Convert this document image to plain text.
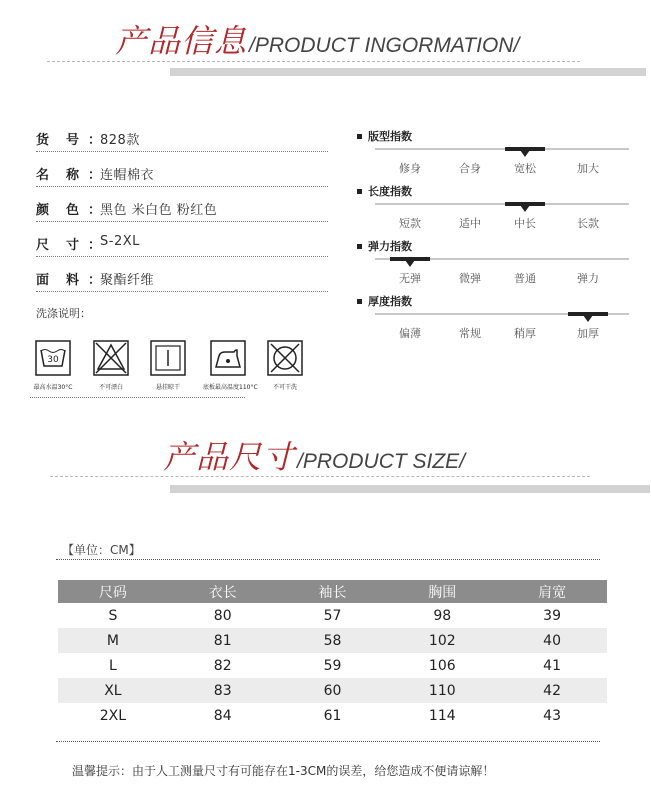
产品信息/PRODUCT INGORMATION/
货　号 ：
828款
名　称 ：
连帽棉衣
颜　色 ：
黑色 米白色 粉红色
尺　寸 ：
S-2XL
面　料 ：
聚酯纤维
洗涤说明：
30
最高水温30°C	不可漂白	悬挂晾干	底板最高温度110°C	不可干洗
版型指数
修身	合身	宽松	加大
长度指数
短款	适中	中长	长款
弹力指数
无弹	微弹	普通	弹力
厚度指数
偏薄	常规	稍厚	加厚
产品尺寸/PRODUCT SIZE/
【单位：CM】
尺码	衣长	袖长	胸围	肩宽
S	80	57	98	39
M	81	58	102	40
L	82	59	106	41
XL	83	60	110	42
2XL	84	61	114	43
温馨提示：由于人工测量尺寸有可能存在1-3CM的误差，给您造成不便请谅解！
